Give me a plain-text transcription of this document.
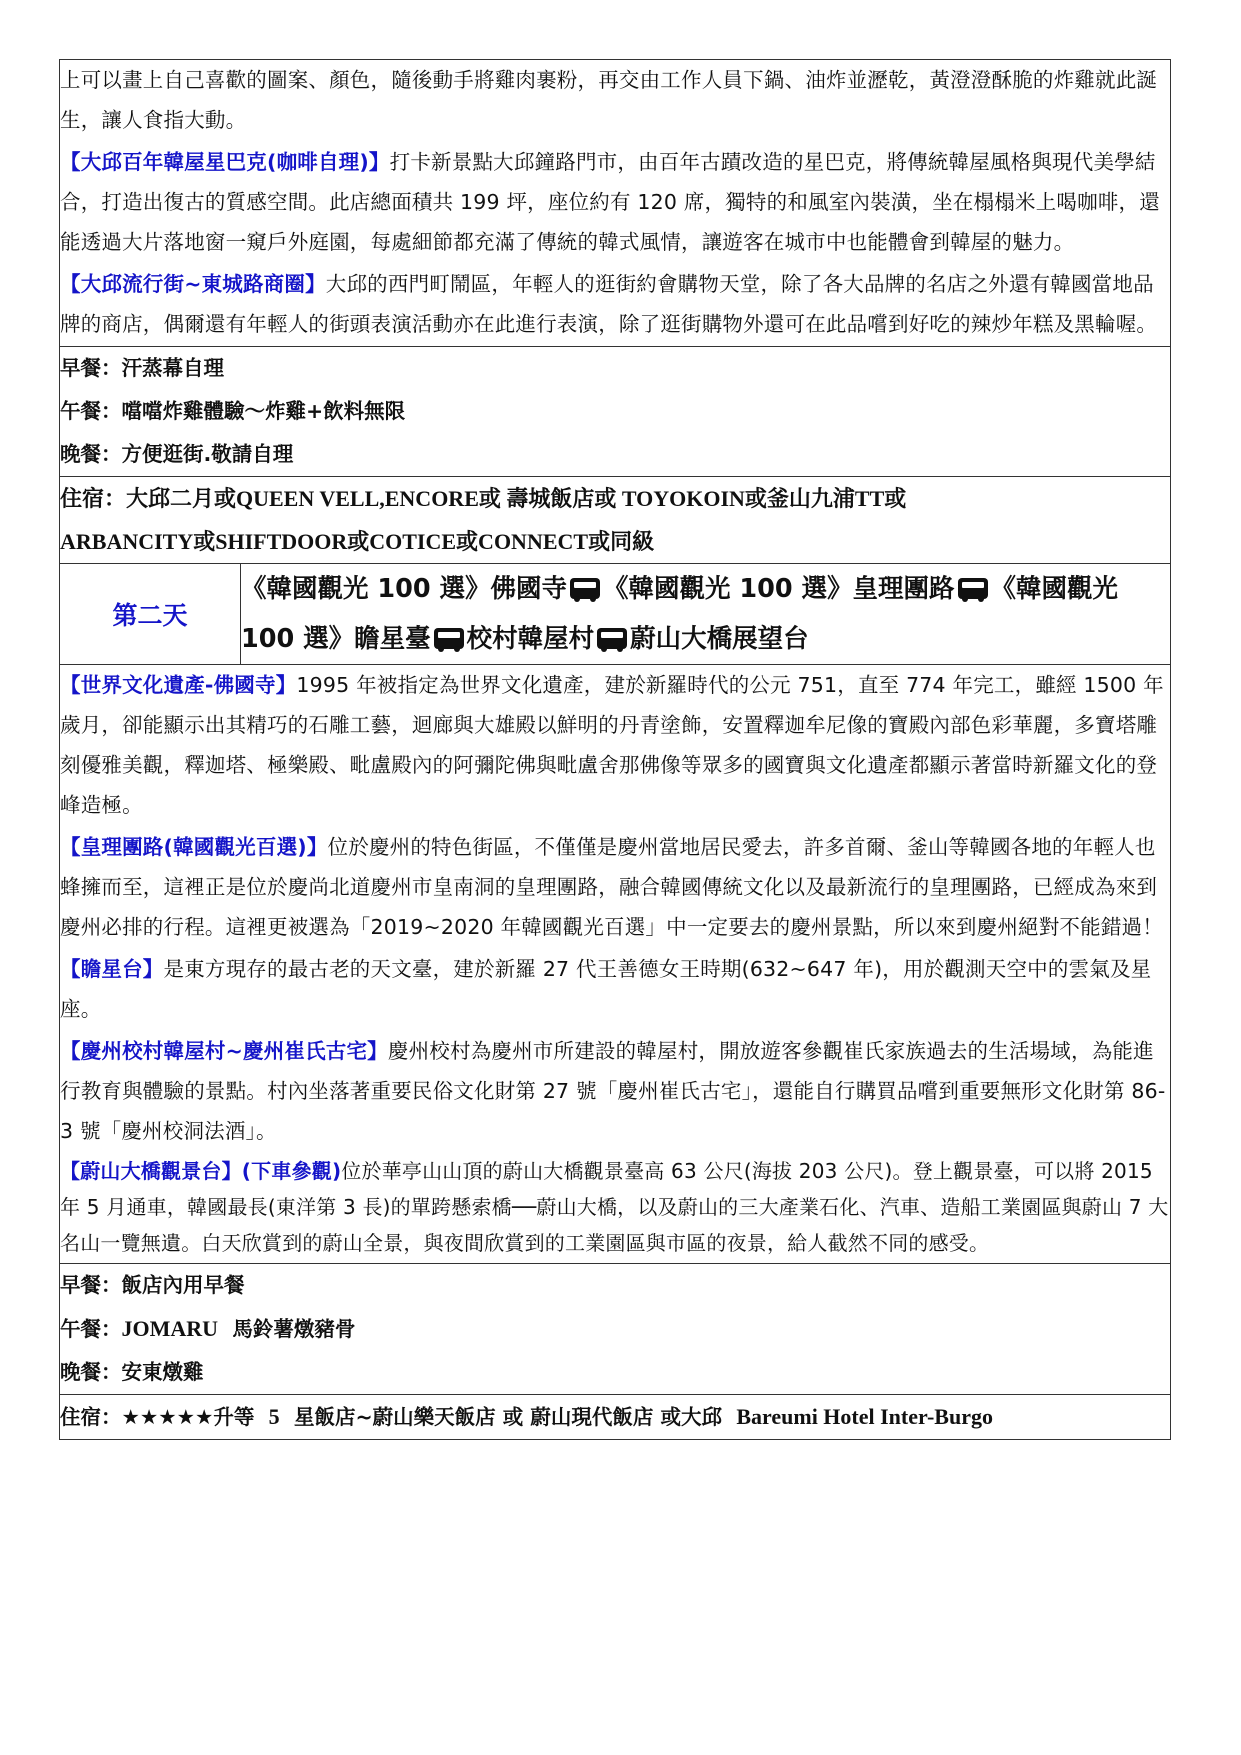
上可以畫上自己喜歡的圖案、顏色，隨後動手將雞肉裹粉，再交由工作人員下鍋、油炸並瀝乾，黃澄澄酥脆的炸雞就此誕生，讓人食指大動。

【大邱百年韓屋星巴克(咖啡自理)】打卡新景點大邱鐘路門市，由百年古蹟改造的星巴克，將傳統韓屋風格與現代美學結合，打造出復古的質感空間。此店總面積共 199 坪，座位約有 120 席，獨特的和風室內裝潢，坐在榻榻米上喝咖啡，還能透過大片落地窗一窺戶外庭園，每處細節都充滿了傳統的韓式風情，讓遊客在城市中也能體會到韓屋的魅力。

【大邱流行街~東城路商圈】大邱的西門町鬧區，年輕人的逛街約會購物天堂，除了各大品牌的名店之外還有韓國當地品牌的商店，偶爾還有年輕人的街頭表演活動亦在此進行表演，除了逛街購物外還可在此品嚐到好吃的辣炒年糕及黑輪喔。

早餐：汗蒸幕自理

午餐：噹噹炸雞體驗～炸雞+飲料無限

晚餐：方便逛街.敬請自理

住宿：大邱二月或QUEEN VELL,ENCORE或 壽城飯店或 TOYOKOIN或釜山九浦TT或

ARBANCITY或SHIFTDOOR或COTICE或CONNECT或同級

第二天	《韓國觀光 100 選》佛國寺 《韓國觀光 100 選》皇理團路 《韓國觀光 100 選》瞻星臺 校村韓屋村 蔚山大橋展望台

【世界文化遺產-佛國寺】1995 年被指定為世界文化遺產，建於新羅時代的公元 751，直至 774 年完工，雖經 1500 年歲月，卻能顯示出其精巧的石雕工藝，迴廊與大雄殿以鮮明的丹青塗飾，安置釋迦牟尼像的寶殿內部色彩華麗，多寶塔雕刻優雅美觀，釋迦塔、極樂殿、毗盧殿內的阿彌陀佛與毗盧舍那佛像等眾多的國寶與文化遺產都顯示著當時新羅文化的登峰造極。

【皇理團路(韓國觀光百選)】位於慶州的特色街區，不僅僅是慶州當地居民愛去，許多首爾、釜山等韓國各地的年輕人也蜂擁而至，這裡正是位於慶尚北道慶州市皇南洞的皇理團路，融合韓國傳統文化以及最新流行的皇理團路，已經成為來到慶州必排的行程。這裡更被選為「2019~2020 年韓國觀光百選」中一定要去的慶州景點，所以來到慶州絕對不能錯過！

【瞻星台】是東方現存的最古老的天文臺，建於新羅 27 代王善德女王時期(632~647 年)，用於觀測天空中的雲氣及星座。

【慶州校村韓屋村~慶州崔氏古宅】慶州校村為慶州市所建設的韓屋村，開放遊客參觀崔氏家族過去的生活場域，為能進行教育與體驗的景點。村內坐落著重要民俗文化財第 27 號「慶州崔氏古宅」，還能自行購買品嚐到重要無形文化財第 86-3 號「慶州校洞法酒」。

【蔚山大橋觀景台】(下車參觀)位於華亭山山頂的蔚山大橋觀景臺高 63 公尺(海拔 203 公尺)。登上觀景臺，可以將 2015 年 5 月通車，韓國最長(東洋第 3 長)的單跨懸索橋──蔚山大橋，以及蔚山的三大產業石化、汽車、造船工業園區與蔚山 7 大名山一覽無遺。白天欣賞到的蔚山全景，與夜間欣賞到的工業園區與市區的夜景，給人截然不同的感受。

早餐：飯店內用早餐

午餐：JOMARU 馬鈴薯燉豬骨

晚餐：安東燉雞

住宿：★★★★★升等 5 星飯店~蔚山樂天飯店 或 蔚山現代飯店 或大邱 Bareumi Hotel Inter-Burgo
